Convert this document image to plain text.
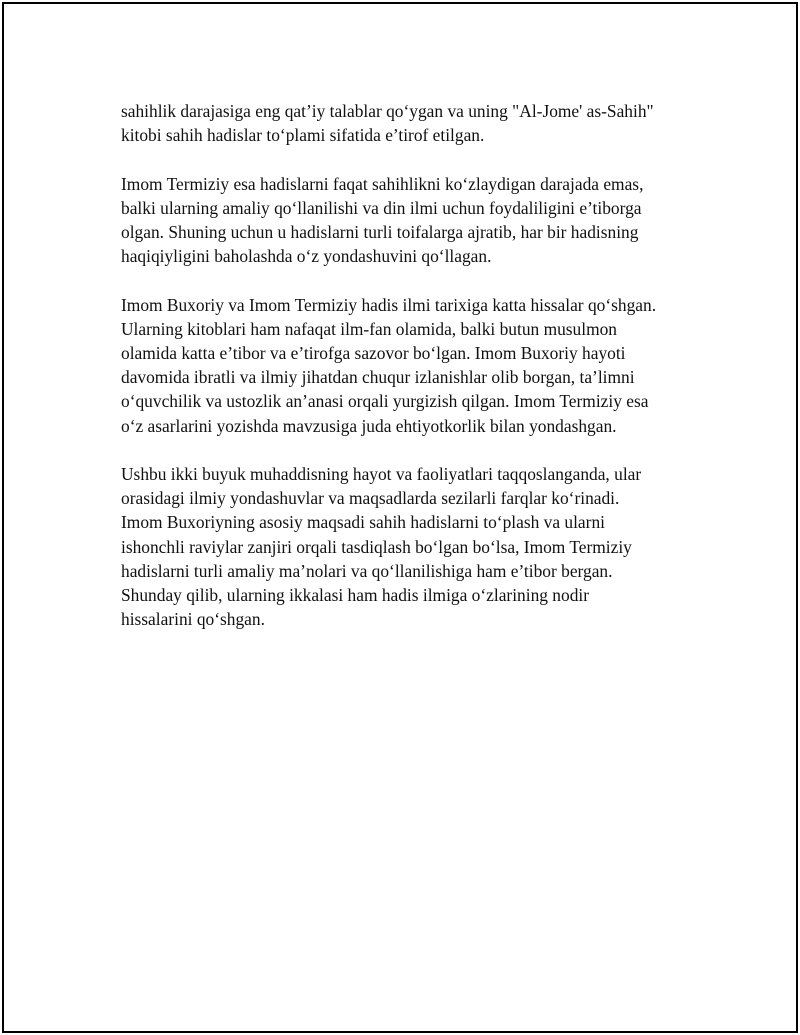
sahihlik darajasiga eng qat’iy talablar qo‘ygan va uning "Al-Jome' as-Sahih"
kitobi sahih hadislar to‘plami sifatida e’tirof etilgan.

Imom Termiziy esa hadislarni faqat sahihlikni ko‘zlaydigan darajada emas,
balki ularning amaliy qo‘llanilishi va din ilmi uchun foydaliligini e’tiborga
olgan. Shuning uchun u hadislarni turli toifalarga ajratib, har bir hadisning
haqiqiyligini baholashda o‘z yondashuvini qo‘llagan.

Imom Buxoriy va Imom Termiziy hadis ilmi tarixiga katta hissalar qo‘shgan.
Ularning kitoblari ham nafaqat ilm-fan olamida, balki butun musulmon
olamida katta e’tibor va e’tirofga sazovor bo‘lgan. Imom Buxoriy hayoti
davomida ibratli va ilmiy jihatdan chuqur izlanishlar olib borgan, ta’limni
o‘quvchilik va ustozlik an’anasi orqali yurgizish qilgan. Imom Termiziy esa
o‘z asarlarini yozishda mavzusiga juda ehtiyotkorlik bilan yondashgan.

Ushbu ikki buyuk muhaddisning hayot va faoliyatlari taqqoslanganda, ular
orasidagi ilmiy yondashuvlar va maqsadlarda sezilarli farqlar ko‘rinadi.
Imom Buxoriyning asosiy maqsadi sahih hadislarni to‘plash va ularni
ishonchli raviylar zanjiri orqali tasdiqlash bo‘lgan bo‘lsa, Imom Termiziy
hadislarni turli amaliy ma’nolari va qo‘llanilishiga ham e’tibor bergan.
Shunday qilib, ularning ikkalasi ham hadis ilmiga o‘zlarining nodir
hissalarini qo‘shgan.
